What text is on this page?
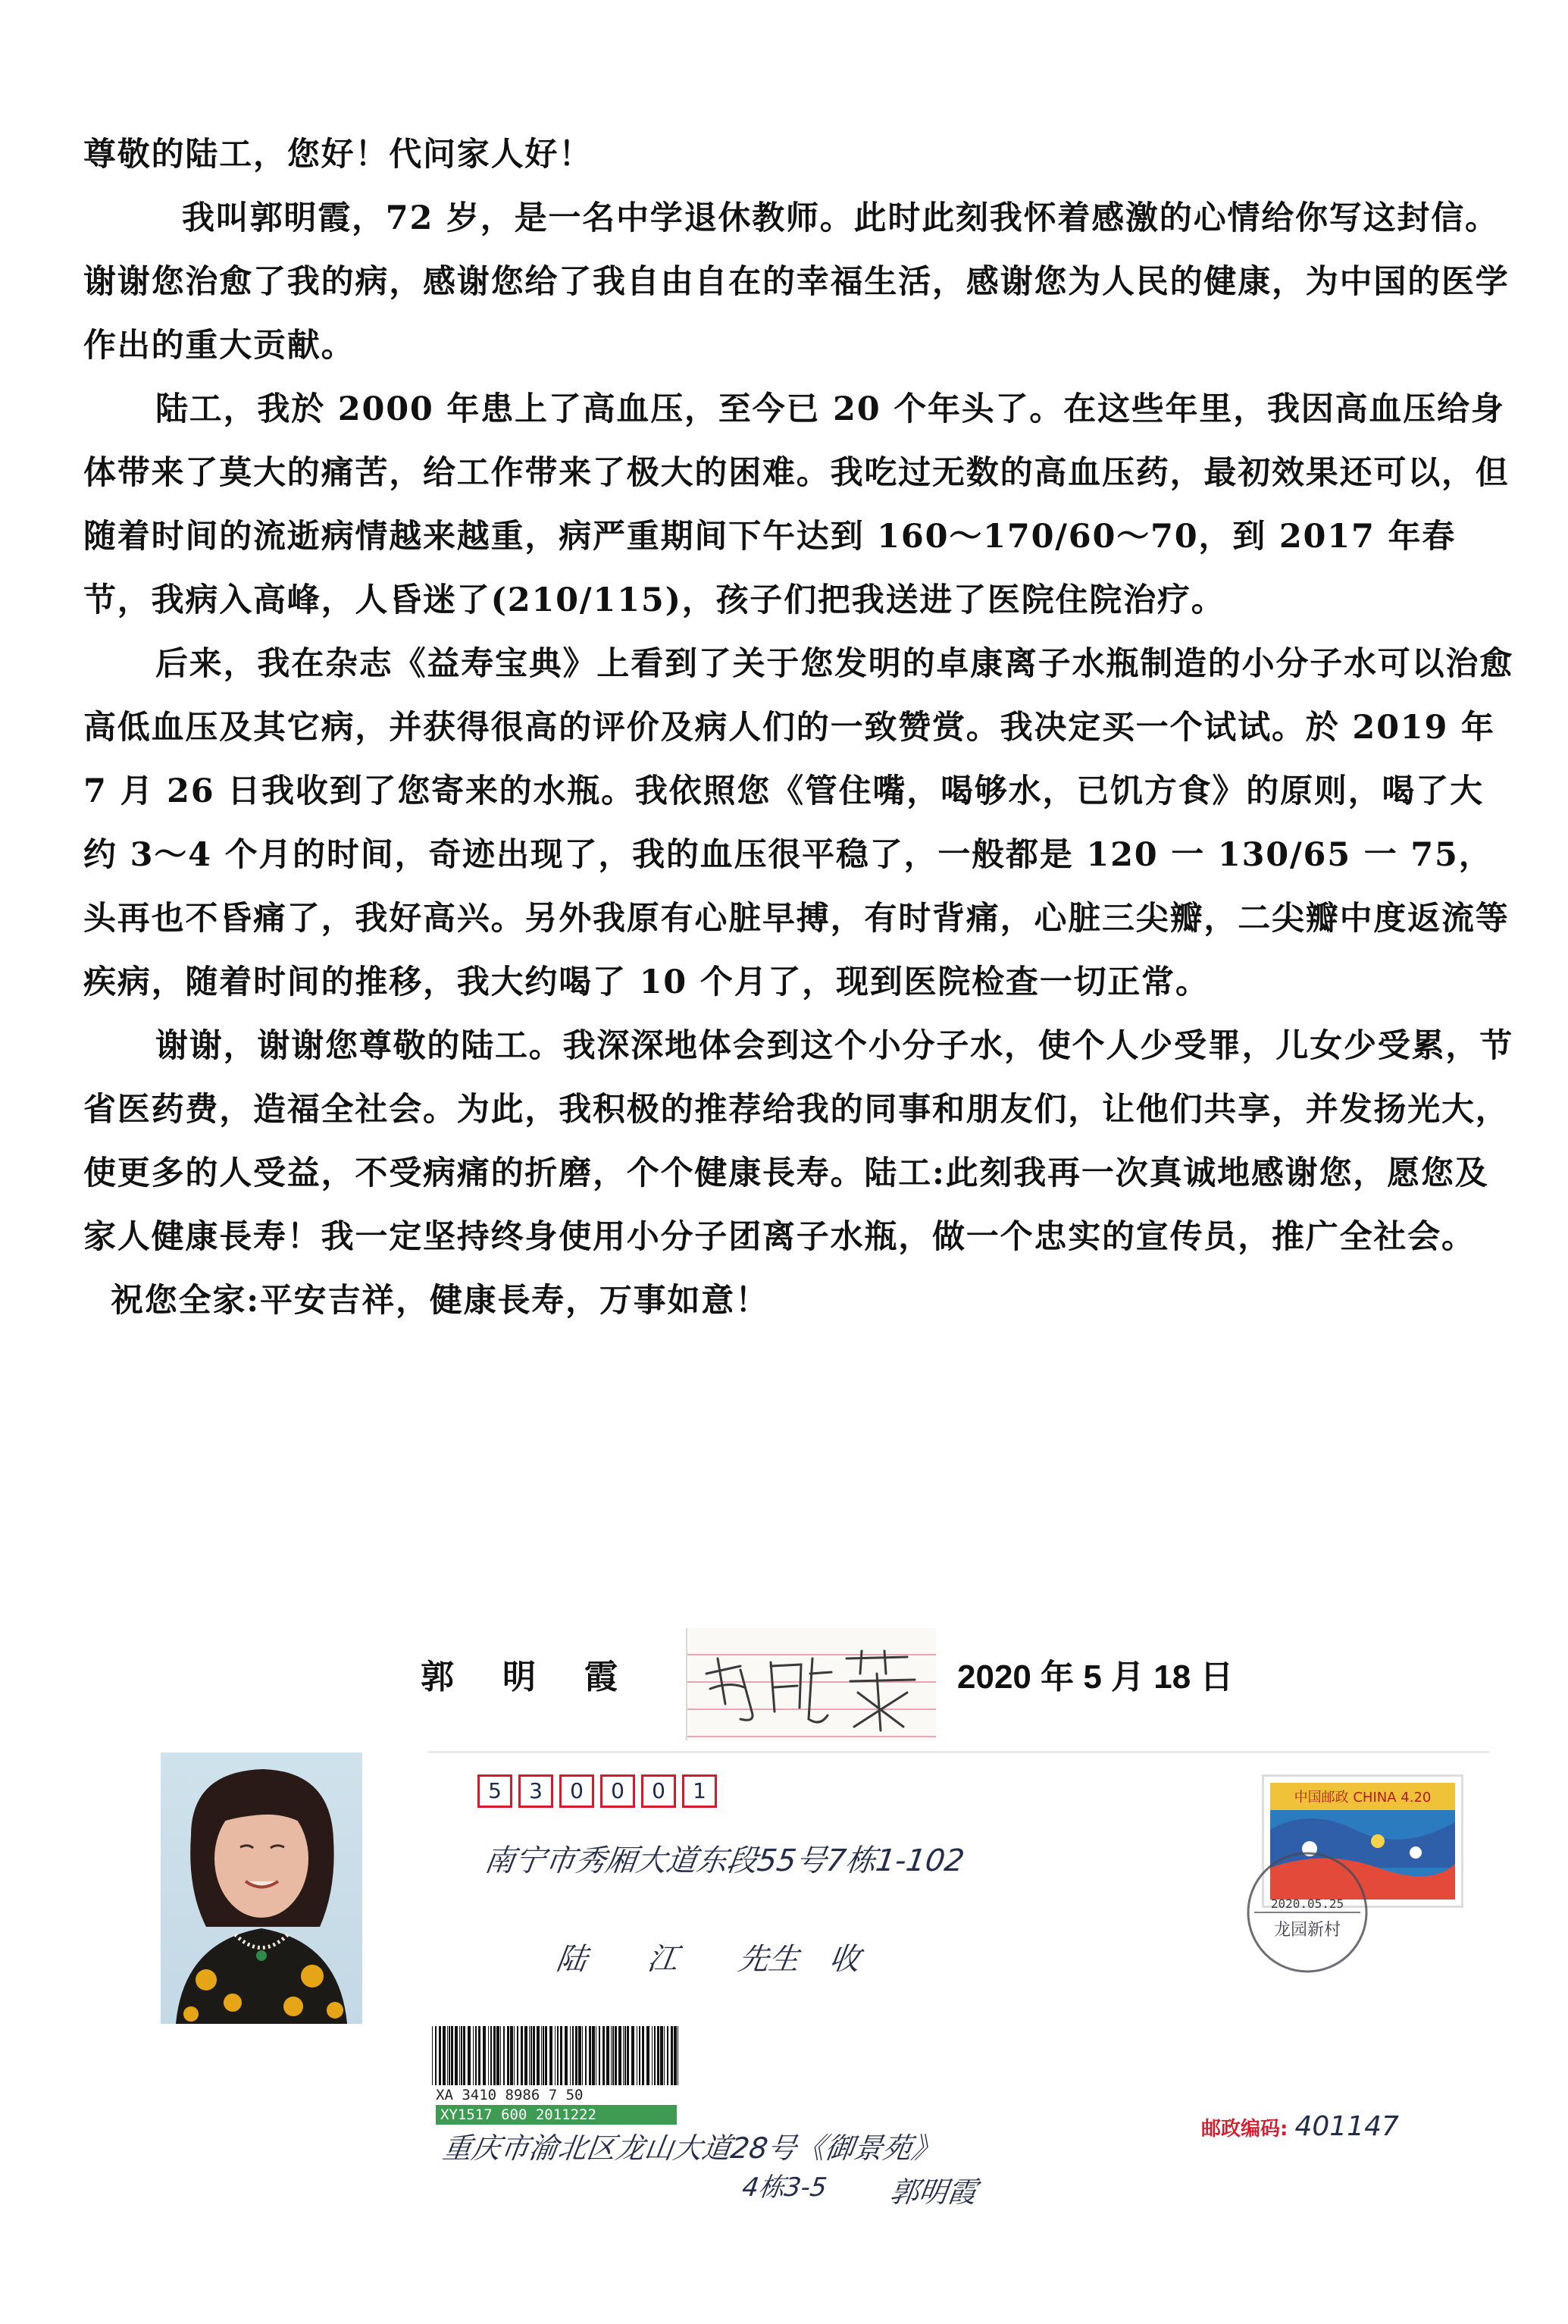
尊敬的陆工，您好！代问家人好！

我叫郭明霞，72 岁，是一名中学退休教师。此时此刻我怀着感激的心情给你写这封信。谢谢您治愈了我的病，感谢您给了我自由自在的幸福生活，感谢您为人民的健康，为中国的医学作出的重大贡献。

陆工，我於 2000 年患上了高血压，至今已 20 个年头了。在这些年里，我因高血压给身体带来了莫大的痛苦，给工作带来了极大的困难。我吃过无数的高血压药，最初效果还可以，但随着时间的流逝病情越来越重，病严重期间下午达到 160～170/60～70，到 2017 年春节，我病入高峰，人昏迷了(210/115)，孩子们把我送进了医院住院治疗。

后来，我在杂志《益寿宝典》上看到了关于您发明的卓康离子水瓶制造的小分子水可以治愈高低血压及其它病，并获得很高的评价及病人们的一致赞赏。我决定买一个试试。於 2019 年 7 月 26 日我收到了您寄来的水瓶。我依照您《管住嘴，喝够水，已饥方食》的原则，喝了大约 3～4 个月的时间，奇迹出现了，我的血压很平稳了，一般都是 120 一 130/65 一 75，头再也不昏痛了，我好高兴。另外我原有心脏早搏，有时背痛，心脏三尖瓣，二尖瓣中度返流等疾病，随着时间的推移，我大约喝了 10 个月了，现到医院检查一切正常。

谢谢，谢谢您尊敬的陆工。我深深地体会到这个小分子水，使个人少受罪，儿女少受累，节省医药费，造福全社会。为此，我积极的推荐给我的同事和朋友们，让他们共享，并发扬光大，使更多的人受益，不受病痛的折磨，个个健康長寿。陆工:此刻我再一次真诚地感谢您，愿您及家人健康長寿！我一定坚持终身使用小分子团离子水瓶，做一个忠实的宣传员，推广全社会。

祝您全家:平安吉祥，健康長寿，万事如意！

郭明霞	2020 年 5 月 18 日
5	3	0	0	0	1
南宁市秀厢大道东段55号7栋1-102
陆　　江　　先生　收
中国邮政 CHINA 4.20
2020.05.25
龙园新村
XA 3410 8986 7 50
XY1517 600 2011222
重庆市渝北区龙山大道28号《御景苑》
4栋3-5 郭明霞
邮政编码: 401147
